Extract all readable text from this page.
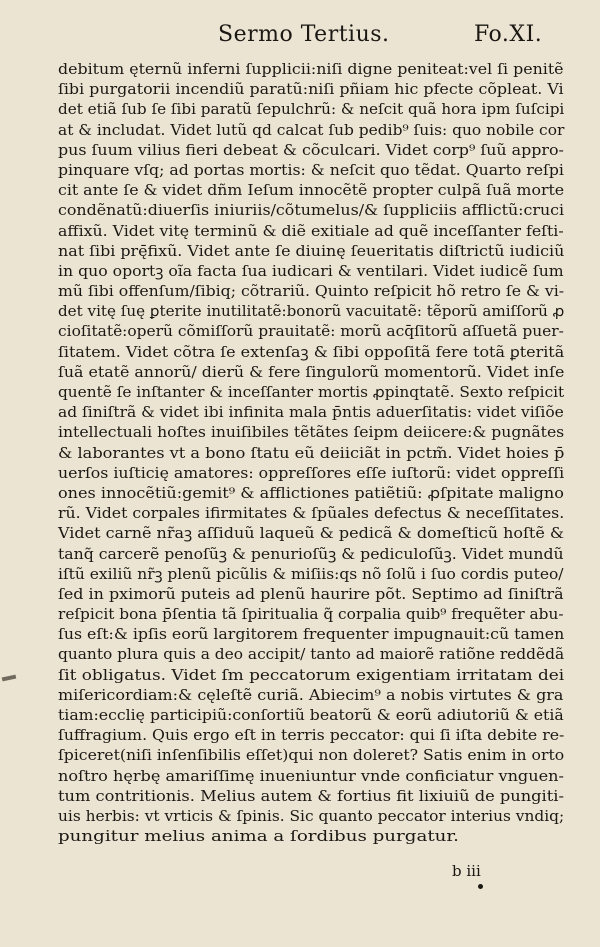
Sermo Tertius.	Fo.XI.
debitum ęternũ inferni ſupplicii:niſi digne peniteat:vel ſi penitẽ
ſibi purgatorii incendiũ paratũ:niſi pñiam hic pfecte cõpleat. Vi
det etiã ſub ſe ſibi paratũ ſepulchrũ: & neſcit quã hora ipm ſuſcipi
at & includat. Videt lutũ qd calcat ſub pedib⁹ ſuis: quo nobile cor
pus ſuum vilius fieri debeat & cõculcari. Videt corp⁹ ſuũ appro‑
pinquare vſq; ad portas mortis: & neſcit quo tẽdat. Quarto reſpi
cit ante ſe & videt dñm Ieſum innocẽtẽ propter culpã ſuã morte
condẽnatũ:diuerſis iniuriis/cõtumelus/& ſuppliciis afflictũ:cruci
affixũ. Videt vitę terminũ & diẽ exitiale ad quẽ inceſſanter feſti‑
nat ſibi prę̄fixũ. Videt ante ſe diuinę ſeueritatis diſtrictũ iudiciũ
in quo oportꝫ oĩa facta ſua iudicari & ventilari. Videt iudicẽ ſum
mũ ſibi offenſum/ſibiq; cõtrariũ. Quinto reſpicit hõ retro ſe & vi‑
det vitę ſuę ꝑterite inutilitatẽ:bonorũ vacuitatẽ: tẽporũ amiſſorũ ꝓ
cioſitatẽ:operũ cõmiſſorũ prauitatẽ: morũ acq̄ſitorũ aſſuetã puer‑
ſitatem. Videt cõtra ſe extenſaꝫ & ſibi oppoſitã fere totã ꝑteritã
ſuã etatẽ annorũ/ dierũ & fere ſingulorũ momentorũ. Videt inſe
quentẽ ſe inſtanter & inceſſanter mortis ꝓpinqtatẽ. Sexto reſpicit
ad ſiniſtrã & videt ibi infinita mala p̄ntis aduerſitatis: videt viſiõe
intellectuali hoſtes inuiſibiles tẽtãtes ſeipm deiicere:& pugnãtes
& laborantes vt a bono ſtatu eũ deiiciãt in pctm̃. Videt hoies p̄
uerſos iuſticię amatores: oppreſſores eſſe iuſtorũ: videt oppreſſi
ones innocẽtiũ:gemit⁹ & afflictiones patiẽtiũ: ꝓſpitate maligno
rũ. Videt corpales ifirmitates & ſpũales defectus & neceſſitates.
Videt carnẽ nr̃aꝫ aſſiduũ laqueũ & pedicã & domeſticũ hoſtẽ &
tanq̃ carcerẽ penoſũꝫ & penurioſũꝫ & pediculoſũꝫ. Videt mundũ
iſtũ exiliũ nr̃ꝫ plenũ picũlis & miſiis:qs nõ ſolũ i ſuo cordis puteo/
ſed in pximorũ puteis ad plenũ haurire põt. Septimo ad ſiniſtrã
reſpicit bona p̄ſentia tã ſpiritualia q̃ corpalia quib⁹ frequẽter abu‑
ſus eſt:& ipſis eorũ largitorem frequenter impugnauit:cũ tamen
quanto plura quis a deo accipit/ tanto ad maiorẽ ratiõne reddẽdã
ſit obligatus. Videt ſm peccatorum exigentiam irritatam dei
miſericordiam:& cęleſtẽ curiã. Abiecim⁹ a nobis virtutes & gra
tiam:ecclię participiũ:conſortiũ beatorũ & eorũ adiutoriũ & etiã
ſuffragium. Quis ergo eſt in terris peccator: qui ſi iſta debite re‑
ſpiceret(niſi inſenſibilis eſſet)qui non doleret? Satis enim in orto
noſtro hęrbę amariſſimę inueniuntur vnde conficiatur vnguen‑
tum contritionis. Melius autem & fortius fit lixiuiũ de pungiti‑
uis herbis: vt vrticis & ſpinis. Sic quanto peccator interius vndiq;
pungitur melius anima a ſordibus purgatur.
b iii
